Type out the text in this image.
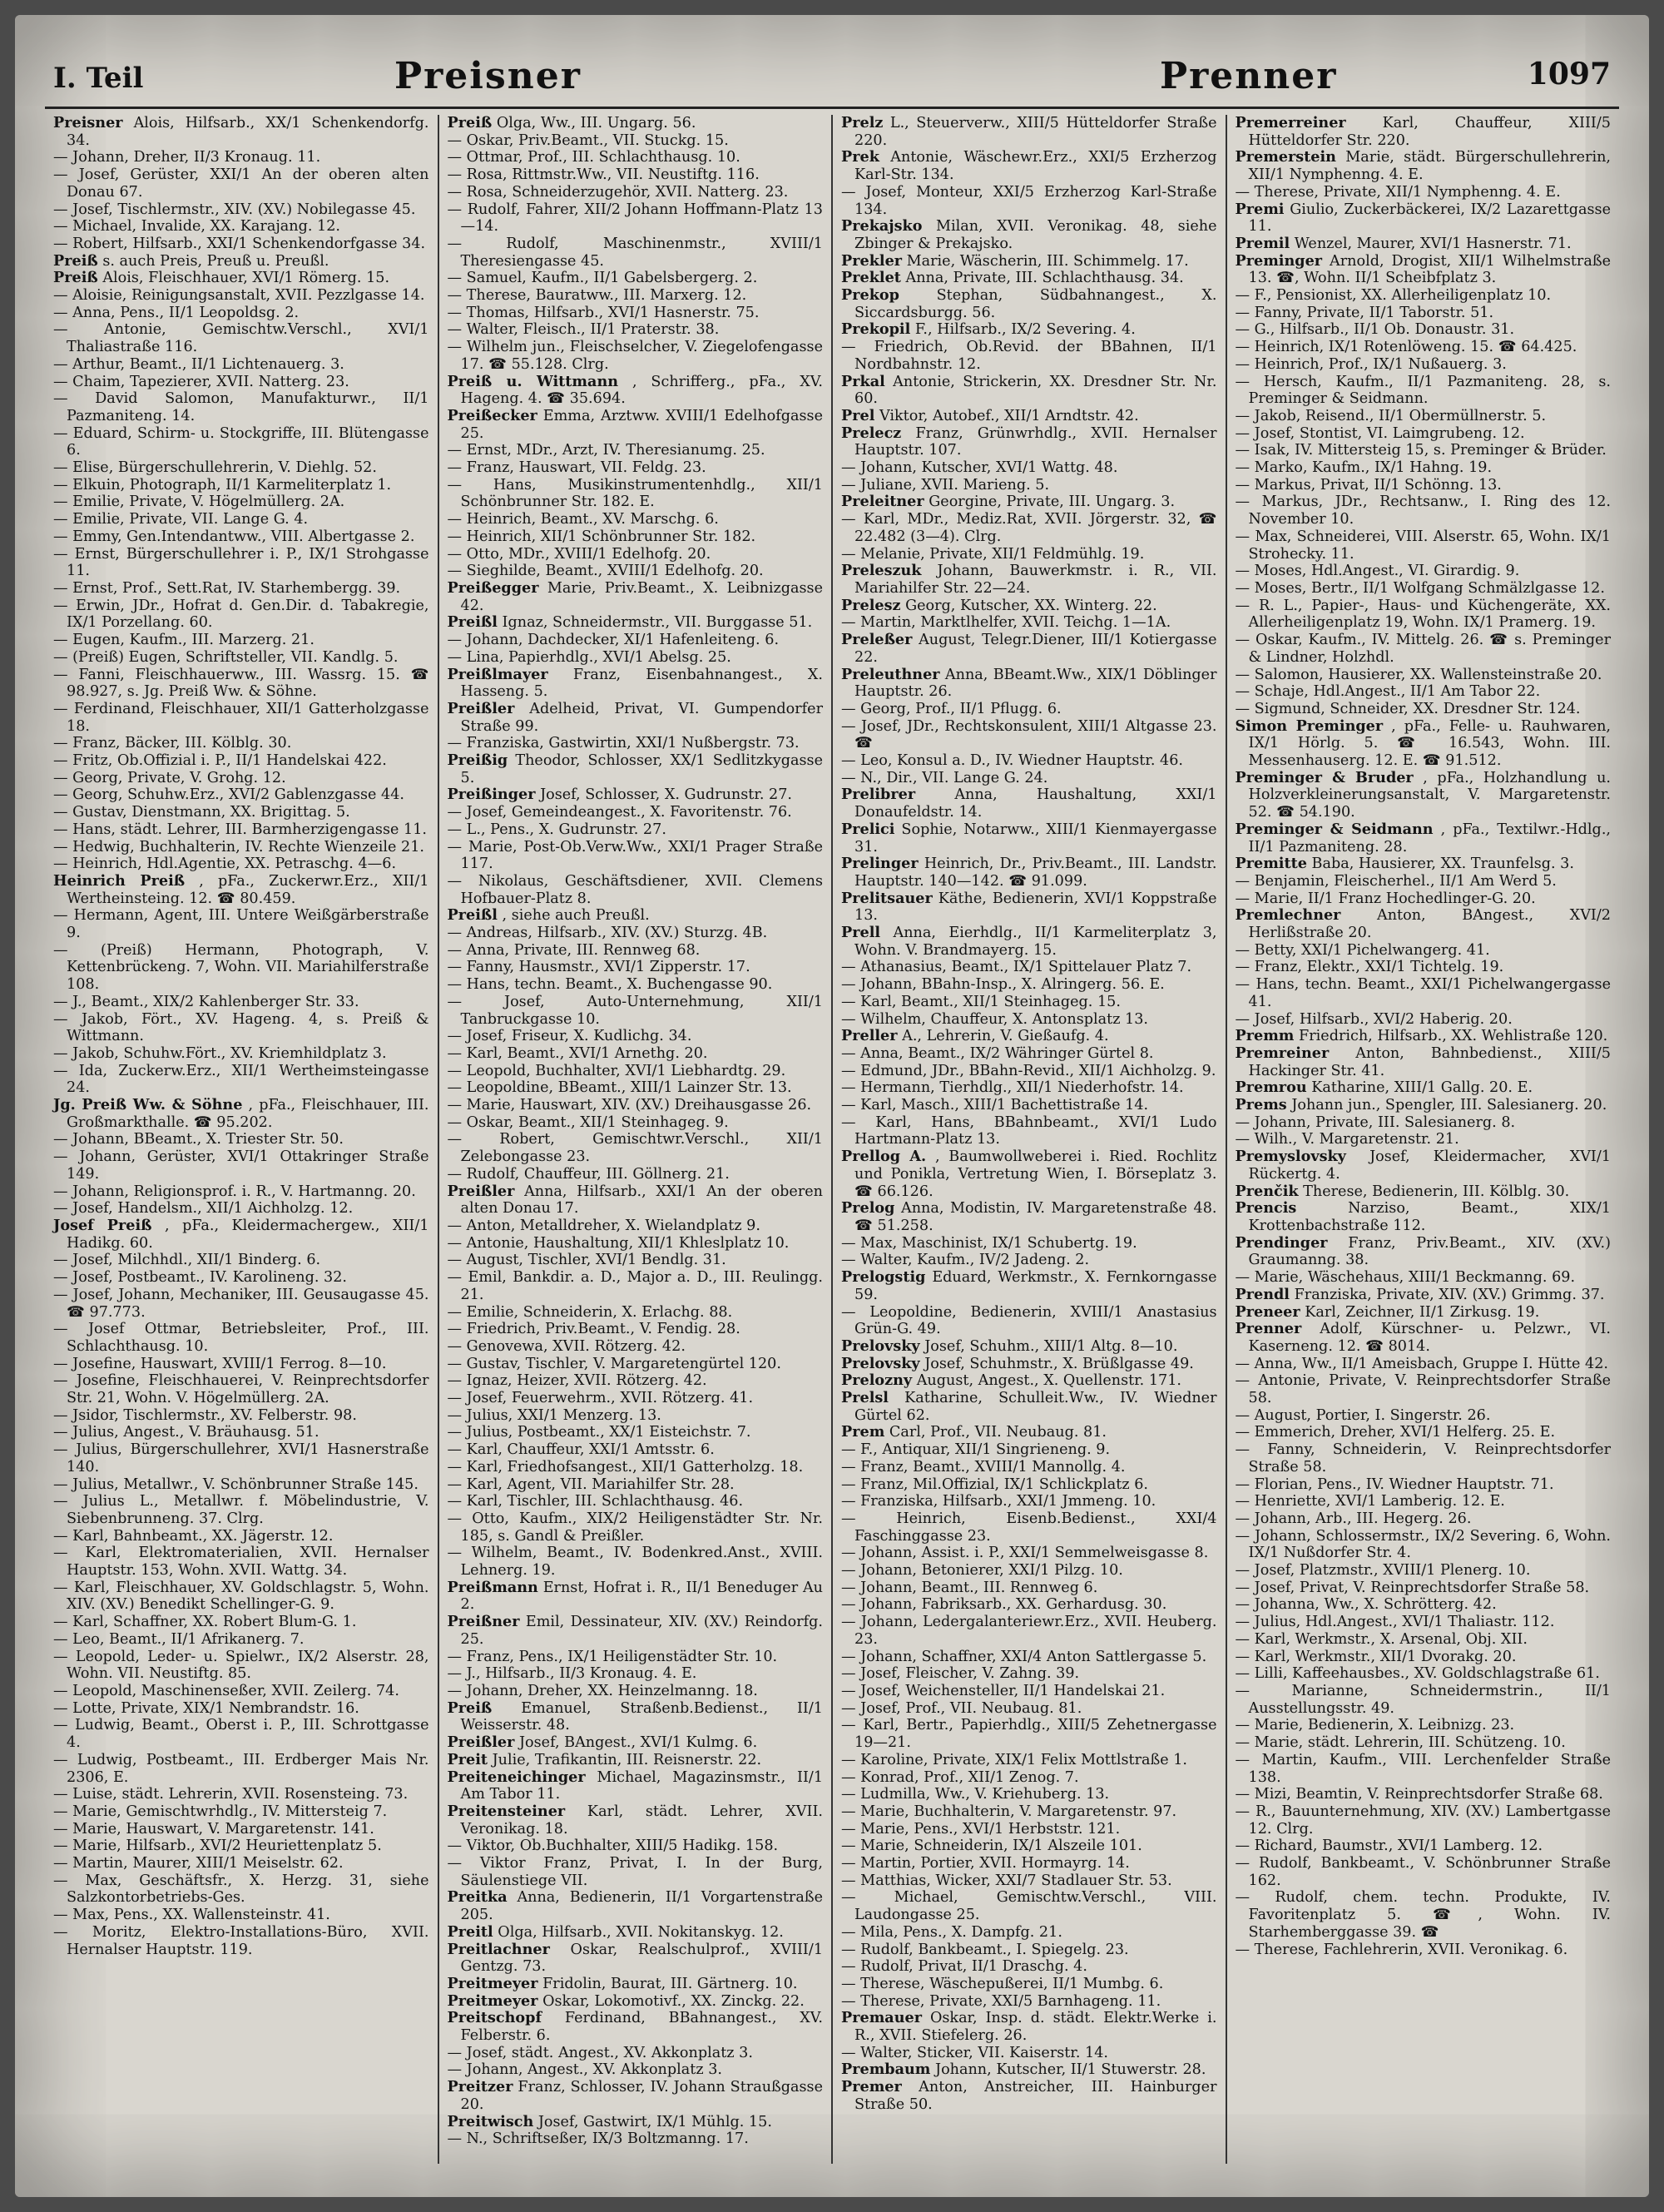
I. Teil	Preisner	Prenner	1097
Preisner Alois, Hilfsarb., XX/1 Schenkendorfg. 34.
— Johann, Dreher, II/3 Kronaug. 11.
— Josef, Gerüster, XXI/1 An der oberen alten Donau 67.
— Josef, Tischlermstr., XIV. (XV.) Nobilegasse 45.
— Michael, Invalide, XX. Karajang. 12.
— Robert, Hilfsarb., XXI/1 Schenkendorfgasse 34.
Preiß s. auch Preis, Preuß u. Preußl.
Preiß Alois, Fleischhauer, XVI/1 Römerg. 15.
— Aloisie, Reinigungsanstalt, XVII. Pezzlgasse 14.
— Anna, Pens., II/1 Leopoldsg. 2.
— Antonie, Gemischtw.Verschl., XVI/1 Thaliastraße 116.
— Arthur, Beamt., II/1 Lichtenauerg. 3.
— Chaim, Tapezierer, XVII. Natterg. 23.
— David Salomon, Manufakturwr., II/1 Pazmaniteng. 14.
— Eduard, Schirm- u. Stockgriffe, III. Blütengasse 6.
— Elise, Bürgerschullehrerin, V. Diehlg. 52.
— Elkuin, Photograph, II/1 Karmeliterplatz 1.
— Emilie, Private, V. Högelmüllerg. 2A.
— Emilie, Private, VII. Lange G. 4.
— Emmy, Gen.Intendantww., VIII. Albertgasse 2.
— Ernst, Bürgerschullehrer i. P., IX/1 Strohgasse 11.
— Ernst, Prof., Sett.Rat, IV. Starhembergg. 39.
— Erwin, JDr., Hofrat d. Gen.Dir. d. Tabakregie, IX/1 Porzellang. 60.
— Eugen, Kaufm., III. Marzerg. 21.
— (Preiß) Eugen, Schriftsteller, VII. Kandlg. 5.
— Fanni, Fleischhauerww., III. Wassrg. 15. ☎ 98.927, s. Jg. Preiß Ww. & Söhne.
— Ferdinand, Fleischhauer, XII/1 Gatterholzgasse 18.
— Franz, Bäcker, III. Kölblg. 30.
— Fritz, Ob.Offizial i. P., II/1 Handelskai 422.
— Georg, Private, V. Grohg. 12.
— Georg, Schuhw.Erz., XVI/2 Gablenzgasse 44.
— Gustav, Dienstmann, XX. Brigittag. 5.
— Hans, städt. Lehrer, III. Barmherzigengasse 11.
— Hedwig, Buchhalterin, IV. Rechte Wienzeile 21.
— Heinrich, Hdl.Agentie, XX. Petraschg. 4—6.
Heinrich Preiß , pFa., Zuckerwr.Erz., XII/1 Wertheinsteing. 12. ☎ 80.459.
— Hermann, Agent, III. Untere Weißgärberstraße 9.
— (Preiß) Hermann, Photograph, V. Kettenbrückeng. 7, Wohn. VII. Mariahilferstraße 108.
— J., Beamt., XIX/2 Kahlenberger Str. 33.
— Jakob, Fört., XV. Hageng. 4, s. Preiß & Wittmann.
— Jakob, Schuhw.Fört., XV. Kriemhildplatz 3.
— Ida, Zuckerw.Erz., XII/1 Wertheimsteingasse 24.
Jg. Preiß Ww. & Söhne , pFa., Fleischhauer, III. Großmarkthalle. ☎ 95.202.
— Johann, BBeamt., X. Triester Str. 50.
— Johann, Gerüster, XVI/1 Ottakringer Straße 149.
— Johann, Religionsprof. i. R., V. Hartmanng. 20.
— Josef, Handelsm., XII/1 Aichholzg. 12.
Josef Preiß , pFa., Kleidermachergew., XII/1 Hadikg. 60.
— Josef, Milchhdl., XII/1 Binderg. 6.
— Josef, Postbeamt., IV. Karolineng. 32.
— Josef, Johann, Mechaniker, III. Geusaugasse 45. ☎ 97.773.
— Josef Ottmar, Betriebsleiter, Prof., III. Schlachthausg. 10.
— Josefine, Hauswart, XVIII/1 Ferrog. 8—10.
— Josefine, Fleischhauerei, V. Reinprechtsdorfer Str. 21, Wohn. V. Högelmüllerg. 2A.
— Jsidor, Tischlermstr., XV. Felberstr. 98.
— Julius, Angest., V. Bräuhausg. 51.
— Julius, Bürgerschullehrer, XVI/1 Hasnerstraße 140.
— Julius, Metallwr., V. Schönbrunner Straße 145.
— Julius L., Metallwr. f. Möbelindustrie, V. Siebenbrunneng. 37. Clrg.
— Karl, Bahnbeamt., XX. Jägerstr. 12.
— Karl, Elektromaterialien, XVII. Hernalser Hauptstr. 153, Wohn. XVII. Wattg. 34.
— Karl, Fleischhauer, XV. Goldschlagstr. 5, Wohn. XIV. (XV.) Benedikt Schellinger-G. 9.
— Karl, Schaffner, XX. Robert Blum-G. 1.
— Leo, Beamt., II/1 Afrikanerg. 7.
— Leopold, Leder- u. Spielwr., IX/2 Alserstr. 28, Wohn. VII. Neustiftg. 85.
— Leopold, Maschinenseßer, XVII. Zeilerg. 74.
— Lotte, Private, XIX/1 Nembrandstr. 16.
— Ludwig, Beamt., Oberst i. P., III. Schrottgasse 4.
— Ludwig, Postbeamt., III. Erdberger Mais Nr. 2306, E.
— Luise, städt. Lehrerin, XVII. Rosensteing. 73.
— Marie, Gemischtwrhdlg., IV. Mittersteig 7.
— Marie, Hauswart, V. Margaretenstr. 141.
— Marie, Hilfsarb., XVI/2 Heuriettenplatz 5.
— Martin, Maurer, XIII/1 Meiselstr. 62.
— Max, Geschäftsfr., X. Herzg. 31, siehe Salzkontorbetriebs-Ges.
— Max, Pens., XX. Wallensteinstr. 41.
— Moritz, Elektro-Installations-Büro, XVII. Hernalser Hauptstr. 119.
Preiß Olga, Ww., III. Ungarg. 56.
— Oskar, Priv.Beamt., VII. Stuckg. 15.
— Ottmar, Prof., III. Schlachthausg. 10.
— Rosa, Rittmstr.Ww., VII. Neustiftg. 116.
— Rosa, Schneiderzugehör, XVII. Natterg. 23.
— Rudolf, Fahrer, XII/2 Johann Hoffmann-Platz 13—14.
— Rudolf, Maschinenmstr., XVIII/1 Theresiengasse 45.
— Samuel, Kaufm., II/1 Gabelsbergerg. 2.
— Therese, Bauratww., III. Marxerg. 12.
— Thomas, Hilfsarb., XVI/1 Hasnerstr. 75.
— Walter, Fleisch., II/1 Praterstr. 38.
— Wilhelm jun., Fleischselcher, V. Ziegelofengasse 17. ☎ 55.128. Clrg.
Preiß u. Wittmann , Schrifferg., pFa., XV. Hageng. 4. ☎ 35.694.
Preißecker Emma, Arztww. XVIII/1 Edelhofgasse 25.
— Ernst, MDr., Arzt, IV. Theresianumg. 25.
— Franz, Hauswart, VII. Feldg. 23.
— Hans, Musikinstrumentenhdlg., XII/1 Schönbrunner Str. 182. E.
— Heinrich, Beamt., XV. Marschg. 6.
— Heinrich, XII/1 Schönbrunner Str. 182.
— Otto, MDr., XVIII/1 Edelhofg. 20.
— Sieghilde, Beamt., XVIII/1 Edelhofg. 20.
Preißegger Marie, Priv.Beamt., X. Leibnizgasse 42.
Preißl Ignaz, Schneidermstr., VII. Burggasse 51.
— Johann, Dachdecker, XI/1 Hafenleiteng. 6.
— Lina, Papierhdlg., XVI/1 Abelsg. 25.
Preißlmayer Franz, Eisenbahnangest., X. Hasseng. 5.
Preißler Adelheid, Privat, VI. Gumpendorfer Straße 99.
— Franziska, Gastwirtin, XXI/1 Nußbergstr. 73.
Preißig Theodor, Schlosser, XX/1 Sedlitzkygasse 5.
Preißinger Josef, Schlosser, X. Gudrunstr. 27.
— Josef, Gemeindeangest., X. Favoritenstr. 76.
— L., Pens., X. Gudrunstr. 27.
— Marie, Post-Ob.Verw.Ww., XXI/1 Prager Straße 117.
— Nikolaus, Geschäftsdiener, XVII. Clemens Hofbauer-Platz 8.
Preißl , siehe auch Preußl.
— Andreas, Hilfsarb., XIV. (XV.) Sturzg. 4B.
— Anna, Private, III. Rennweg 68.
— Fanny, Hausmstr., XVI/1 Zipperstr. 17.
— Hans, techn. Beamt., X. Buchengasse 90.
— Josef, Auto-Unternehmung, XII/1 Tanbruckgasse 10.
— Josef, Friseur, X. Kudlichg. 34.
— Karl, Beamt., XVI/1 Arnethg. 20.
— Leopold, Buchhalter, XVI/1 Liebhardtg. 29.
— Leopoldine, BBeamt., XIII/1 Lainzer Str. 13.
— Marie, Hauswart, XIV. (XV.) Dreihausgasse 26.
— Oskar, Beamt., XII/1 Steinhageg. 9.
— Robert, Gemischtwr.Verschl., XII/1 Zelebongasse 23.
— Rudolf, Chauffeur, III. Göllnerg. 21.
Preißler Anna, Hilfsarb., XXI/1 An der oberen alten Donau 17.
— Anton, Metalldreher, X. Wielandplatz 9.
— Antonie, Haushaltung, XII/1 Khleslplatz 10.
— August, Tischler, XVI/1 Bendlg. 31.
— Emil, Bankdir. a. D., Major a. D., III. Reulingg. 21.
— Emilie, Schneiderin, X. Erlachg. 88.
— Friedrich, Priv.Beamt., V. Fendig. 28.
— Genovewa, XVII. Rötzerg. 42.
— Gustav, Tischler, V. Margaretengürtel 120.
— Ignaz, Heizer, XVII. Rötzerg. 42.
— Josef, Feuerwehrm., XVII. Rötzerg. 41.
— Julius, XXI/1 Menzerg. 13.
— Julius, Postbeamt., XX/1 Eisteichstr. 7.
— Karl, Chauffeur, XXI/1 Amtsstr. 6.
— Karl, Friedhofsangest., XII/1 Gatterholzg. 18.
— Karl, Agent, VII. Mariahilfer Str. 28.
— Karl, Tischler, III. Schlachthausg. 46.
— Otto, Kaufm., XIX/2 Heiligenstädter Str. Nr. 185, s. Gandl & Preißler.
— Wilhelm, Beamt., IV. Bodenkred.Anst., XVIII. Lehnerg. 19.
Preißmann Ernst, Hofrat i. R., II/1 Beneduger Au 2.
Preißner Emil, Dessinateur, XIV. (XV.) Reindorfg. 25.
— Franz, Pens., IX/1 Heiligenstädter Str. 10.
— J., Hilfsarb., II/3 Kronaug. 4. E.
— Johann, Dreher, XX. Heinzelmanng. 18.
Preiß Emanuel, Straßenb.Bedienst., II/1 Weisserstr. 48.
Preißler Josef, BAngest., XVI/1 Kulmg. 6.
Preit Julie, Trafikantin, III. Reisnerstr. 22.
Preiteneichinger Michael, Magazinsmstr., II/1 Am Tabor 11.
Preitensteiner Karl, städt. Lehrer, XVII. Veronikag. 18.
— Viktor, Ob.Buchhalter, XIII/5 Hadikg. 158.
— Viktor Franz, Privat, I. In der Burg, Säulenstiege VII.
Preitka Anna, Bedienerin, II/1 Vorgartenstraße 205.
Preitl Olga, Hilfsarb., XVII. Nokitanskyg. 12.
Preitlachner Oskar, Realschulprof., XVIII/1 Gentzg. 73.
Preitmeyer Fridolin, Baurat, III. Gärtnerg. 10.
Preitmeyer Oskar, Lokomotivf., XX. Zinckg. 22.
Preitschopf Ferdinand, BBahnangest., XV. Felberstr. 6.
— Josef, städt. Angest., XV. Akkonplatz 3.
— Johann, Angest., XV. Akkonplatz 3.
Preitzer Franz, Schlosser, IV. Johann Straußgasse 20.
Preitwisch Josef, Gastwirt, IX/1 Mühlg. 15.
— N., Schriftseßer, IX/3 Boltzmanng. 17.
Prelz L., Steuerverw., XIII/5 Hütteldorfer Straße 220.
Prek Antonie, Wäschewr.Erz., XXI/5 Erzherzog Karl-Str. 134.
— Josef, Monteur, XXI/5 Erzherzog Karl-Straße 134.
Prekajsko Milan, XVII. Veronikag. 48, siehe Zbinger & Prekajsko.
Prekler Marie, Wäscherin, III. Schimmelg. 17.
Preklet Anna, Private, III. Schlachthausg. 34.
Prekop	Stephan, Südbahnangest., X. Siccardsburgg. 56.
Prekopil F., Hilfsarb., IX/2 Severing. 4.
— Friedrich, Ob.Revid. der BBahnen, II/1 Nordbahnstr. 12.
Prkal Antonie, Strickerin, XX. Dresdner Str. Nr. 60.
Prel Viktor, Autobef., XII/1 Arndtstr. 42.
Prelecz Franz, Grünwrhdlg., XVII. Hernalser Hauptstr. 107.
— Johann, Kutscher, XVI/1 Wattg. 48.
— Juliane, XVII. Marieng. 5.
Preleitner Georgine, Private, III. Ungarg. 3.
— Karl, MDr., Mediz.Rat, XVII. Jörgerstr. 32, ☎ 22.482 (3—4). Clrg.
— Melanie, Private, XII/1 Feldmühlg. 19.
Preleszuk Johann, Bauwerkmstr. i. R., VII. Mariahilfer Str. 22—24.
Prelesz Georg, Kutscher, XX. Winterg. 22.
— Martin, Marktlhelfer, XVII. Teichg. 1—1A.
Preleßer August, Telegr.Diener, III/1 Kotiergasse 22.
Preleuthner Anna, BBeamt.Ww., XIX/1 Döblinger Hauptstr. 26.
— Georg, Prof., II/1 Pflugg. 6.
— Josef, JDr., Rechtskonsulent, XIII/1 Altgasse 23. ☎
— Leo, Konsul a. D., IV. Wiedner Hauptstr. 46.
— N., Dir., VII. Lange G. 24.
Prelibrer	Anna, Haushaltung, XXI/1 Donaufeldstr. 14.
Prelici Sophie, Notarww., XIII/1 Kienmayergasse 31.
Prelinger Heinrich, Dr., Priv.Beamt., III. Landstr. Hauptstr. 140—142. ☎ 91.099.
Prelitsauer Käthe, Bedienerin, XVI/1 Koppstraße 13.
Prell Anna, Eierhdlg., II/1 Karmeliterplatz 3, Wohn. V. Brandmayerg. 15.
— Athanasius, Beamt., IX/1 Spittelauer Platz 7.
— Johann, BBahn-Insp., X. Alringerg. 56. E.
— Karl, Beamt., XII/1 Steinhageg. 15.
— Wilhelm, Chauffeur, X. Antonsplatz 13.
Preller A., Lehrerin, V. Gießaufg. 4.
— Anna, Beamt., IX/2 Währinger Gürtel 8.
— Edmund, JDr., BBahn-Revid., XII/1 Aichholzg. 9.
— Hermann, Tierhdlg., XII/1 Niederhofstr. 14.
— Karl, Masch., XIII/1 Bachettistraße 14.
— Karl, Hans, BBahnbeamt., XVI/1 Ludo Hartmann-Platz 13.
Prellog A. , Baumwollweberei i. Ried. Rochlitz und Ponikla, Vertretung Wien, I. Börseplatz 3. ☎ 66.126.
Prelog Anna, Modistin, IV. Margaretenstraße 48. ☎ 51.258.
— Max, Maschinist, IX/1 Schubertg. 19.
— Walter, Kaufm., IV/2 Jadeng. 2.
Prelogstig Eduard, Werkmstr., X. Fernkorngasse 59.
— Leopoldine, Bedienerin, XVIII/1 Anastasius Grün-G. 49.
Prelovsky Josef, Schuhm., XIII/1 Altg. 8—10.
Prelovsky Josef, Schuhmstr., X. Brüßlgasse 49.
Prelozny August, Angest., X. Quellenstr. 171.
Prelsl Katharine, Schulleit.Ww., IV. Wiedner Gürtel 62.
Prem Carl, Prof., VII. Neubaug. 81.
— F., Antiquar, XII/1 Singrieneng. 9.
— Franz, Beamt., XVIII/1 Mannollg. 4.
— Franz, Mil.Offizial, IX/1 Schlickplatz 6.
— Franziska, Hilfsarb., XXI/1 Jmmeng. 10.
— Heinrich, Eisenb.Bedienst., XXI/4 Faschinggasse 23.
— Johann, Assist. i. P., XXI/1 Semmelweisgasse 8.
— Johann, Betonierer, XXI/1 Pilzg. 10.
— Johann, Beamt., III. Rennweg 6.
— Johann, Fabriksarb., XX. Gerhardusg. 30.
— Johann, Ledergalanteriewr.Erz., XVII. Heuberg. 23.
— Johann, Schaffner, XXI/4 Anton Sattlergasse 5.
— Josef, Fleischer, V. Zahng. 39.
— Josef, Weichensteller, II/1 Handelskai 21.
— Josef, Prof., VII. Neubaug. 81.
— Karl, Bertr., Papierhdlg., XIII/5 Zehetnergasse 19—21.
— Karoline, Private, XIX/1 Felix Mottlstraße 1.
— Konrad, Prof., XII/1 Zenog. 7.
— Ludmilla, Ww., V. Kriehuberg. 13.
— Marie, Buchhalterin, V. Margaretenstr. 97.
— Marie, Pens., XVI/1 Herbststr. 121.
— Marie, Schneiderin, IX/1 Alszeile 101.
— Martin, Portier, XVII. Hormayrg. 14.
— Matthias, Wicker, XXI/7 Stadlauer Str. 53.
— Michael, Gemischtw.Verschl., VIII. Laudongasse 25.
— Mila, Pens., X. Dampfg. 21.
— Rudolf, Bankbeamt., I. Spiegelg. 23.
— Rudolf, Privat, II/1 Draschg. 4.
— Therese, Wäschepußerei, II/1 Mumbg. 6.
— Therese, Private, XXI/5 Barnhageng. 11.
Premauer Oskar, Insp. d. städt. Elektr.Werke i. R., XVII. Stiefelerg. 26.
— Walter, Sticker, VII. Kaiserstr. 14.
Prembaum Johann, Kutscher, II/1 Stuwerstr. 28.
Premer Anton, Anstreicher, III. Hainburger Straße 50.
Premerreiner Karl, Chauffeur, XIII/5 Hütteldorfer Str. 220.
Premerstein Marie, städt. Bürgerschullehrerin, XII/1 Nymphenng. 4. E.
— Therese, Private, XII/1 Nymphenng. 4. E.
Premi Giulio, Zuckerbäckerei, IX/2 Lazarettgasse 11.
Premil Wenzel, Maurer, XVI/1 Hasnerstr. 71.
Preminger Arnold, Drogist, XII/1 Wilhelmstraße 13. ☎, Wohn. II/1 Scheibfplatz 3.
— F., Pensionist, XX. Allerheiligenplatz 10.
— Fanny, Private, II/1 Taborstr. 51.
— G., Hilfsarb., II/1 Ob. Donaustr. 31.
— Heinrich, IX/1 Rotenlöweng. 15. ☎ 64.425.
— Heinrich, Prof., IX/1 Nußauerg. 3.
— Hersch, Kaufm., II/1 Pazmaniteng. 28, s. Preminger & Seidmann.
— Jakob, Reisend., II/1 Obermüllnerstr. 5.
— Josef, Stontist, VI. Laimgrubeng. 12.
— Isak, IV. Mittersteig 15, s. Preminger & Brüder.
— Marko, Kaufm., IX/1 Hahng. 19.
— Markus, Privat, II/1 Schönng. 13.
— Markus, JDr., Rechtsanw., I. Ring des 12. November 10.
— Max, Schneiderei, VIII. Alserstr. 65, Wohn. IX/1 Strohecky. 11.
— Moses, Hdl.Angest., VI. Girardig. 9.
— Moses, Bertr., II/1 Wolfgang Schmälzlgasse 12.
— R. L., Papier-, Haus- und Küchengeräte, XX. Allerheiligenplatz 19, Wohn. IX/1 Pramerg. 19.
— Oskar, Kaufm., IV. Mittelg. 26. ☎ s. Preminger & Lindner, Holzhdl.
— Salomon, Hausierer, XX. Wallensteinstraße 20.
— Schaje, Hdl.Angest., II/1 Am Tabor 22.
— Sigmund, Schneider, XX. Dresdner Str. 124.
Simon Preminger , pFa., Felle- u. Rauhwaren, IX/1 Hörlg. 5. ☎ 16.543, Wohn. III. Messenhauserg. 12. E. ☎ 91.512.
Preminger & Bruder , pFa., Holzhandlung u. Holzverkleinerungsanstalt, V. Margaretenstr. 52. ☎ 54.190.
Preminger & Seidmann , pFa., Textilwr.-Hdlg., II/1 Pazmaniteng. 28.
Premitte Baba, Hausierer, XX. Traunfelsg. 3.
— Benjamin, Fleischerhel., II/1 Am Werd 5.
— Marie, II/1 Franz Hochedlinger-G. 20.
Premlechner Anton, BAngest., XVI/2 Herlißstraße 20.
— Betty, XXI/1 Pichelwangerg. 41.
— Franz, Elektr., XXI/1 Tichtelg. 19.
— Hans, techn. Beamt., XXI/1 Pichelwangergasse 41.
— Josef, Hilfsarb., XVI/2 Haberig. 20.
Premm Friedrich, Hilfsarb., XX. Wehlistraße 120.
Premreiner Anton, Bahnbedienst., XIII/5 Hackinger Str. 41.
Premrou Katharine, XIII/1 Gallg. 20. E.
Prems Johann jun., Spengler, III. Salesianerg. 20.
— Johann, Private, III. Salesianerg. 8.
— Wilh., V. Margaretenstr. 21.
Premyslovsky Josef, Kleidermacher, XVI/1 Rückertg. 4.
Prenčik Therese, Bedienerin, III. Kölblg. 30.
Prencis	Narziso, Beamt., XIX/1 Krottenbachstraße 112.
Prendinger Franz, Priv.Beamt., XIV. (XV.) Graumanng. 38.
— Marie, Wäschehaus, XIII/1 Beckmanng. 69.
Prendl Franziska, Private, XIV. (XV.) Grimmg. 37.
Preneer Karl, Zeichner, II/1 Zirkusg. 19.
Prenner Adolf, Kürschner- u. Pelzwr., VI. Kaserneng. 12. ☎ 8014.
— Anna, Ww., II/1 Ameisbach, Gruppe I. Hütte 42.
— Antonie, Private, V. Reinprechtsdorfer Straße 58.
— August, Portier, I. Singerstr. 26.
— Emmerich, Dreher, XVI/1 Helferg. 25. E.
— Fanny, Schneiderin, V. Reinprechtsdorfer Straße 58.
— Florian, Pens., IV. Wiedner Hauptstr. 71.
— Henriette, XVI/1 Lamberig. 12. E.
— Johann, Arb., III. Hegerg. 26.
— Johann, Schlossermstr., IX/2 Severing. 6, Wohn. IX/1 Nußdorfer Str. 4.
— Josef, Platzmstr., XVIII/1 Plenerg. 10.
— Josef, Privat, V. Reinprechtsdorfer Straße 58.
— Johanna, Ww., X. Schrötterg. 42.
— Julius, Hdl.Angest., XVI/1 Thaliastr. 112.
— Karl, Werkmstr., X. Arsenal, Obj. XII.
— Karl, Werkmstr., XII/1 Dvorakg. 20.
— Lilli, Kaffeehausbes., XV. Goldschlagstraße 61.
— Marianne, Schneidermstrin., II/1 Ausstellungsstr. 49.
— Marie, Bedienerin, X. Leibnizg. 23.
— Marie, städt. Lehrerin, III. Schützeng. 10.
— Martin, Kaufm., VIII. Lerchenfelder Straße 138.
— Mizi, Beamtin, V. Reinprechtsdorfer Straße 68.
— R., Bauunternehmung, XIV. (XV.) Lambertgasse 12. Clrg.
— Richard, Baumstr., XVI/1 Lamberg. 12.
— Rudolf, Bankbeamt., V. Schönbrunner Straße 162.
— Rudolf, chem. techn. Produkte, IV. Favoritenplatz 5. ☎, Wohn. IV. Starhemberggasse 39. ☎
— Therese, Fachlehrerin, XVII. Veronikag. 6.
